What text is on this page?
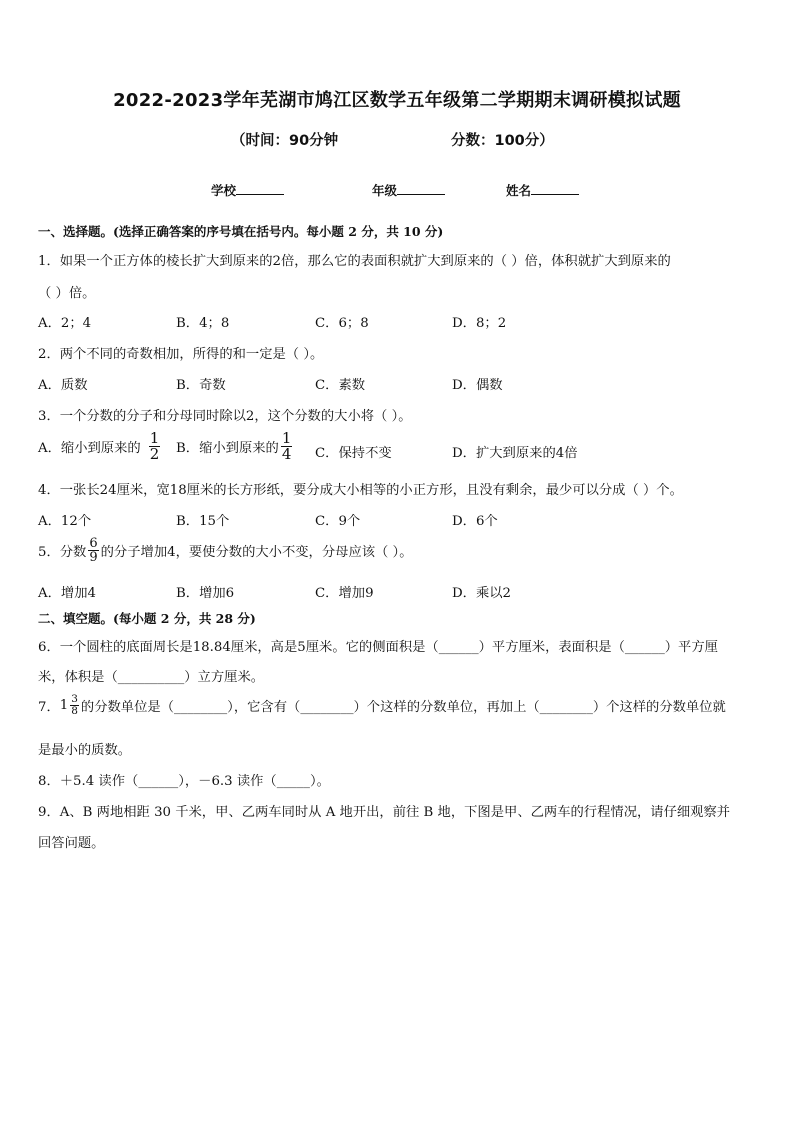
2022-2023学年芜湖市鸠江区数学五年级第二学期期末调研模拟试题
（时间：90分钟	分数：100分）
学校	年级	姓名
一、选择题。(选择正确答案的序号填在括号内。每小题 2 分，共 10 分)
1．如果一个正方体的棱长扩大到原来的2倍，那么它的表面积就扩大到原来的（ ）倍，体积就扩大到原来的
（ ）倍。
A．2；4	B．4；8	C．6；8	D．8；2
2．两个不同的奇数相加，所得的和一定是（ ）。
A．质数	B．奇数	C．素数	D．偶数
3．一个分数的分子和分母同时除以2，这个分数的大小将（ ）。
A．缩小到原来的 $\frac{1}{2}$ B．缩小到原来的 $\frac{1}{4}$ C．保持不变	D．扩大到原来的4倍
4．一张长24厘米，宽18厘米的长方形纸，要分成大小相等的小正方形，且没有剩余，最少可以分成（ ）个。
A．12个	B．15个	C．9个	D．6个
5．分数 $\frac{6}{9}$ 的分子增加4，要使分数的大小不变，分母应该（ ）。
A．增加4	B．增加6	C．增加9	D．乘以2
二、填空题。(每小题 2 分，共 28 分)
6．一个圆柱的底面周长是18.84厘米，高是5厘米。它的侧面积是（______）平方厘米，表面积是（______）平方厘
米，体积是（__________）立方厘米。
7． $1 \frac{3}{8}$ 的分数单位是（________），它含有（________）个这样的分数单位，再加上（________）个这样的分数单位就
是最小的质数。
8．＋5.4 读作（______），－6.3 读作（_____）。
9．A、B 两地相距 30 千米，甲、乙两车同时从 A 地开出，前往 B 地，下图是甲、乙两车的行程情况，请仔细观察并
回答问题。
